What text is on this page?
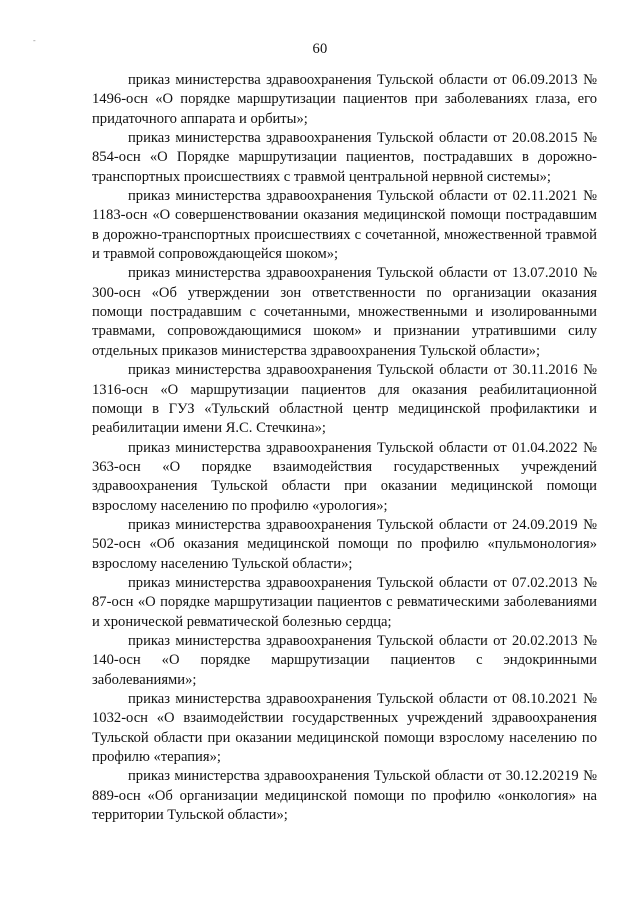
-
60

приказ министерства здравоохранения Тульской области от 06.09.2013 № 1496-осн «О порядке маршрутизации пациентов при заболеваниях глаза, его придаточного аппарата и орбиты»;

приказ министерства здравоохранения Тульской области от 20.08.2015 № 854-осн «О Порядке маршрутизации пациентов, пострадавших в дорожно-транспортных происшествиях с травмой центральной нервной системы»;

приказ министерства здравоохранения Тульской области от 02.11.2021 № 1183-осн «О совершенствовании оказания медицинской помощи пострадавшим в дорожно-транспортных происшествиях с сочетанной, множественной травмой и травмой сопровождающейся шоком»;

приказ министерства здравоохранения Тульской области от 13.07.2010 № 300-осн «Об утверждении зон ответственности по организации оказания помощи пострадавшим с сочетанными, множественными и изолированными травмами, сопровождающимися шоком» и признании утратившими силу отдельных приказов министерства здравоохранения Тульской области»;

приказ министерства здравоохранения Тульской области от 30.11.2016 № 1316-осн «О маршрутизации пациентов для оказания реабилитационной помощи в ГУЗ «Тульский областной центр медицинской профилактики и реабилитации имени Я.С. Стечкина»;

приказ министерства здравоохранения Тульской области от 01.04.2022 № 363-осн «О порядке взаимодействия государственных учреждений здравоохранения Тульской области при оказании медицинской помощи взрослому населению по профилю «урология»;

приказ министерства здравоохранения Тульской области от 24.09.2019 № 502-осн «Об оказания медицинской помощи по профилю «пульмонология» взрослому населению Тульской области»;

приказ министерства здравоохранения Тульской области от 07.02.2013 № 87-осн «О порядке маршрутизации пациентов с ревматическими заболеваниями и хронической ревматической болезнью сердца;

приказ министерства здравоохранения Тульской области от 20.02.2013 № 140-осн «О порядке маршрутизации пациентов с эндокринными заболеваниями»;

приказ министерства здравоохранения Тульской области от 08.10.2021 № 1032-осн «О взаимодействии государственных учреждений здравоохранения Тульской области при оказании медицинской помощи взрослому населению по профилю «терапия»;

приказ министерства здравоохранения Тульской области от 30.12.20219 № 889-осн «Об организации медицинской помощи по профилю «онкология» на территории Тульской области»;
